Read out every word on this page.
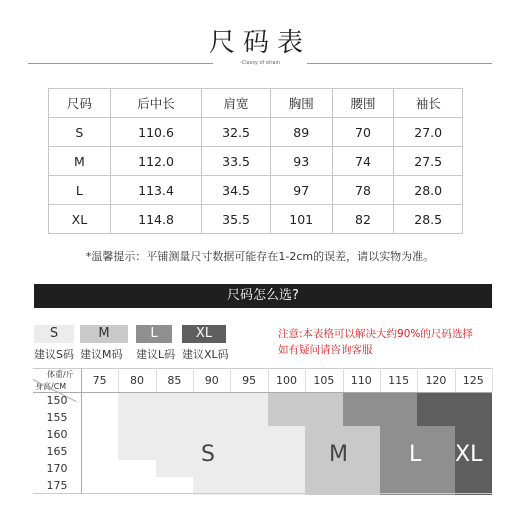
尺码表
-Classy of olrain
尺码	后中长	肩宽	胸围	腰围	袖长
S	110.6	32.5	89	70	27.0
M	112.0	33.5	93	74	27.5
L	113.4	34.5	97	78	28.0
XL	114.8	35.5	101	82	28.5
*温馨提示：平铺测量尺寸数据可能存在1-2cm的误差，请以实物为准。
尺码怎么选?
S
建议S码
M
建议M码
L
建议L码
XL
建议XL码
注意:本表格可以解决大约90%的尺码选择
如有疑问请咨询客服
75	80	85	90	95	100	105	110	115	120	125
体重/斤
身高/CM
150
155
160
165
170
175
S	M	L XL
